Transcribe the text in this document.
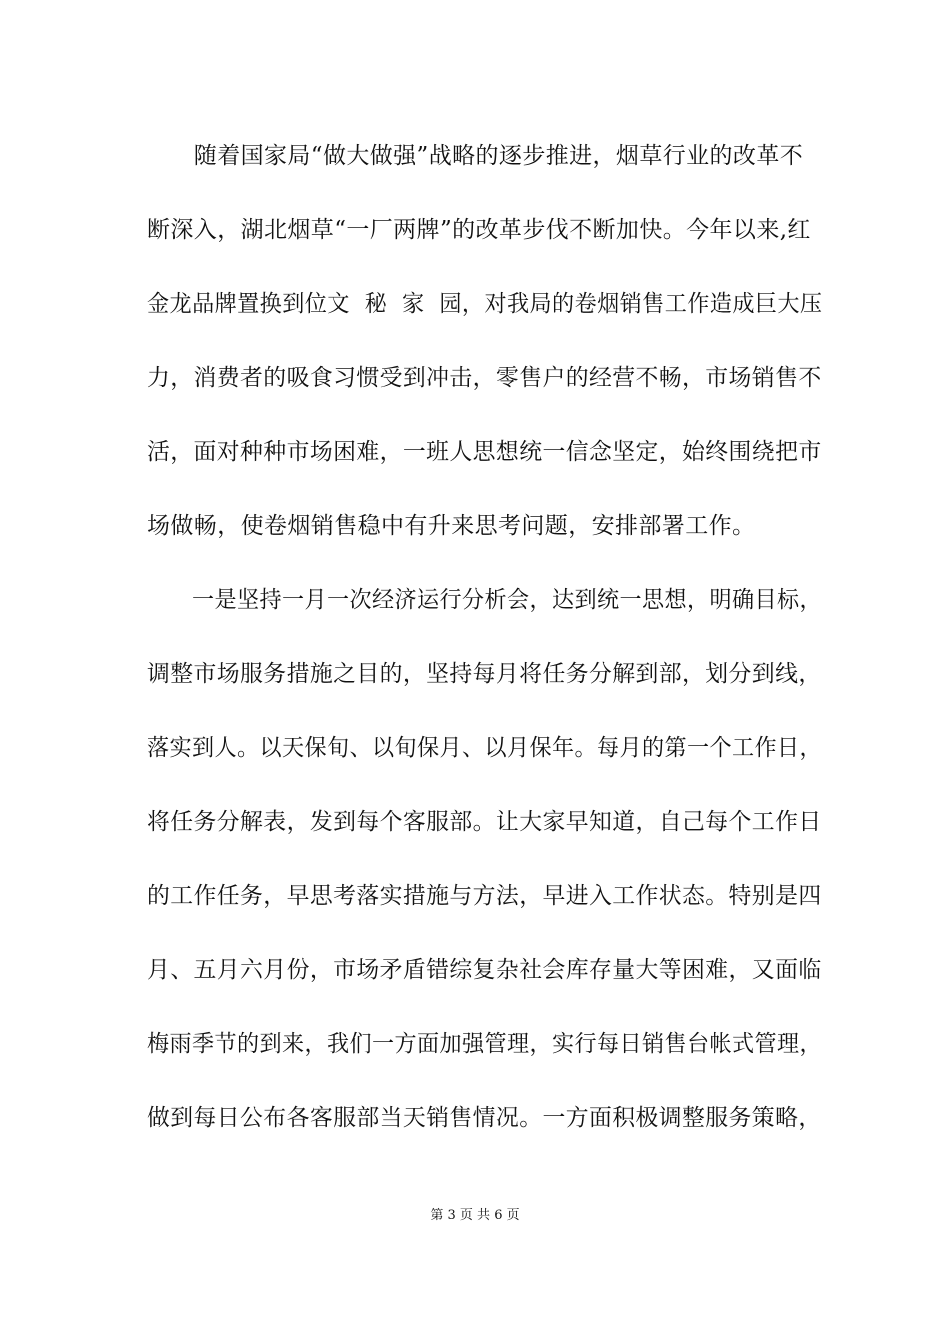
　　随着国家局“做大做强”战略的逐步推进，烟草行业的改革不
断深入，湖北烟草“一厂两牌”的改革步伐不断加快。今年以来,红
金龙品牌置换到位文  秘  家  园，对我局的卷烟销售工作造成巨大压
力，消费者的吸食习惯受到冲击，零售户的经营不畅，市场销售不
活，面对种种市场困难，一班人思想统一信念坚定，始终围绕把市
场做畅，使卷烟销售稳中有升来思考问题，安排部署工作。
　　一是坚持一月一次经济运行分析会，达到统一思想，明确目标，
调整市场服务措施之目的，坚持每月将任务分解到部，划分到线，
落实到人。以天保旬、以旬保月、以月保年。每月的第一个工作日，
将任务分解表，发到每个客服部。让大家早知道，自己每个工作日
的工作任务，早思考落实措施与方法，早进入工作状态。特别是四
月、五月六月份，市场矛盾错综复杂社会库存量大等困难，又面临
梅雨季节的到来，我们一方面加强管理，实行每日销售台帐式管理，
做到每日公布各客服部当天销售情况。一方面积极调整服务策略，
第 3 页 共 6 页
